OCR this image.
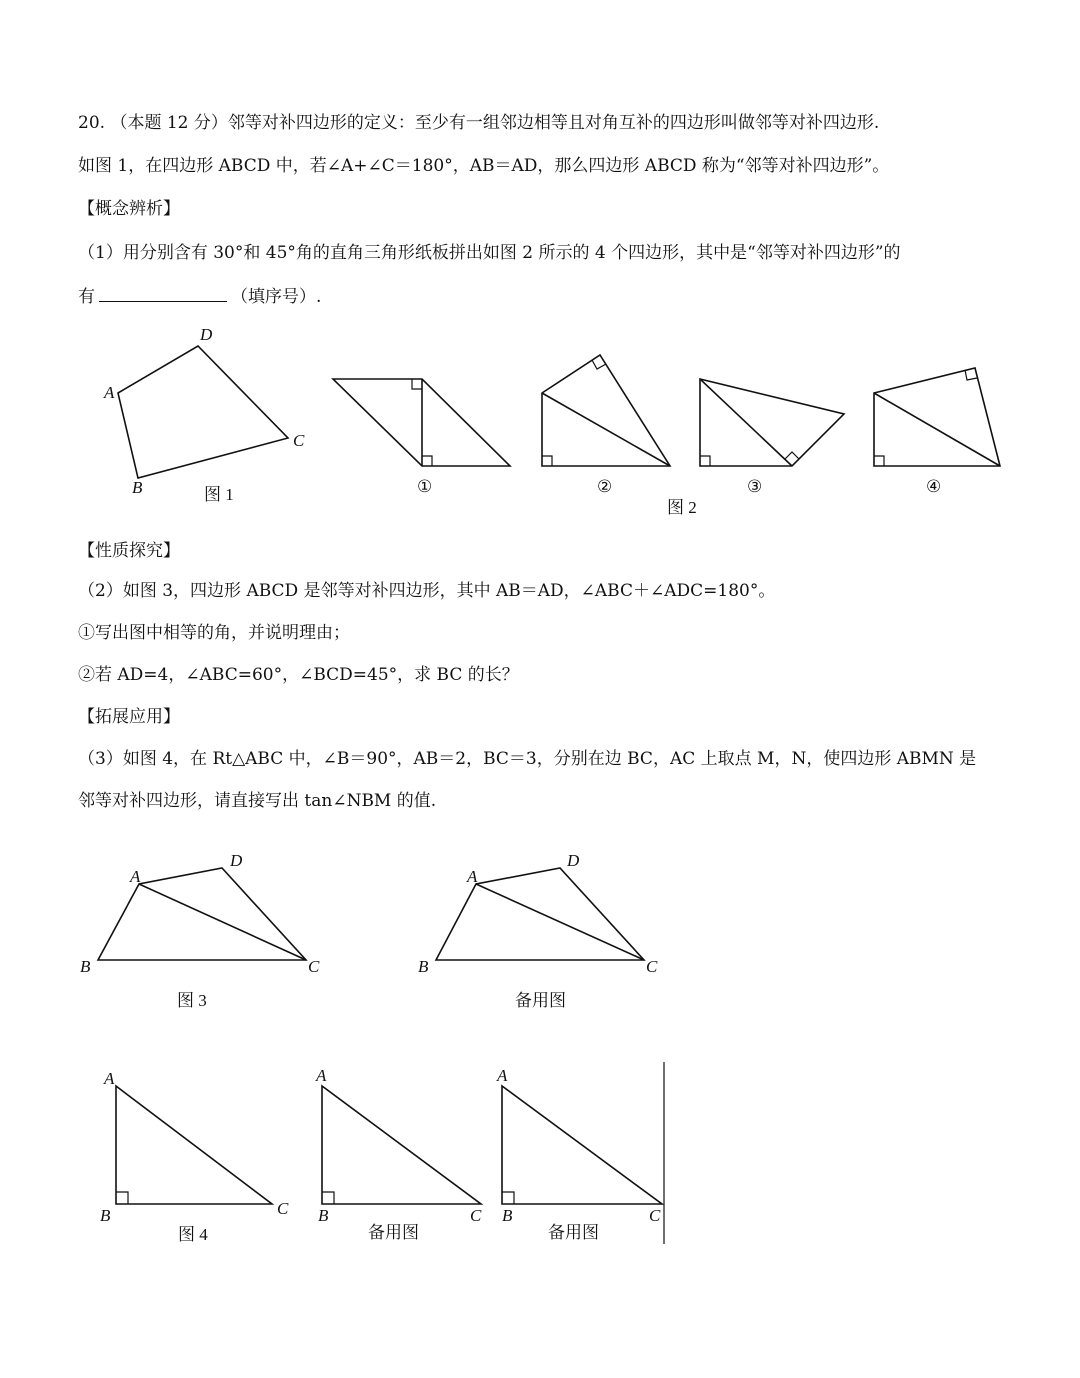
20. （本题 12 分）邻等对补四边形的定义：至少有一组邻边相等且对角互补的四边形叫做邻等对补四边形.
如图 1，在四边形 ABCD 中，若∠A+∠C＝180°，AB＝AD，那么四边形 ABCD 称为“邻等对补四边形”。
【概念辨析】
（1）用分别含有 30°和 45°角的直角三角形纸板拼出如图 2 所示的 4 个四边形，其中是“邻等对补四边形”的
有	（填序号）.
【性质探究】
（2）如图 3，四边形 ABCD 是邻等对补四边形，其中 AB＝AD，∠ABC＋∠ADC=180°。
①写出图中相等的角，并说明理由；
②若 AD=4，∠ABC=60°，∠BCD=45°，求 BC 的长？
【拓展应用】
（3）如图 4，在 Rt△ABC 中，∠B＝90°，AB＝2，BC＝3，分别在边 BC，AC 上取点 M，N，使四边形 ABMN 是
邻等对补四边形，请直接写出 tan∠NBM 的值.
A
D
C
B	图 1	①	②	③	④
图 2
A
D
B	C
图 3
A
D
B	C
备用图
A
B	C
图 4
A
B	C
备用图
A
B	C
备用图
